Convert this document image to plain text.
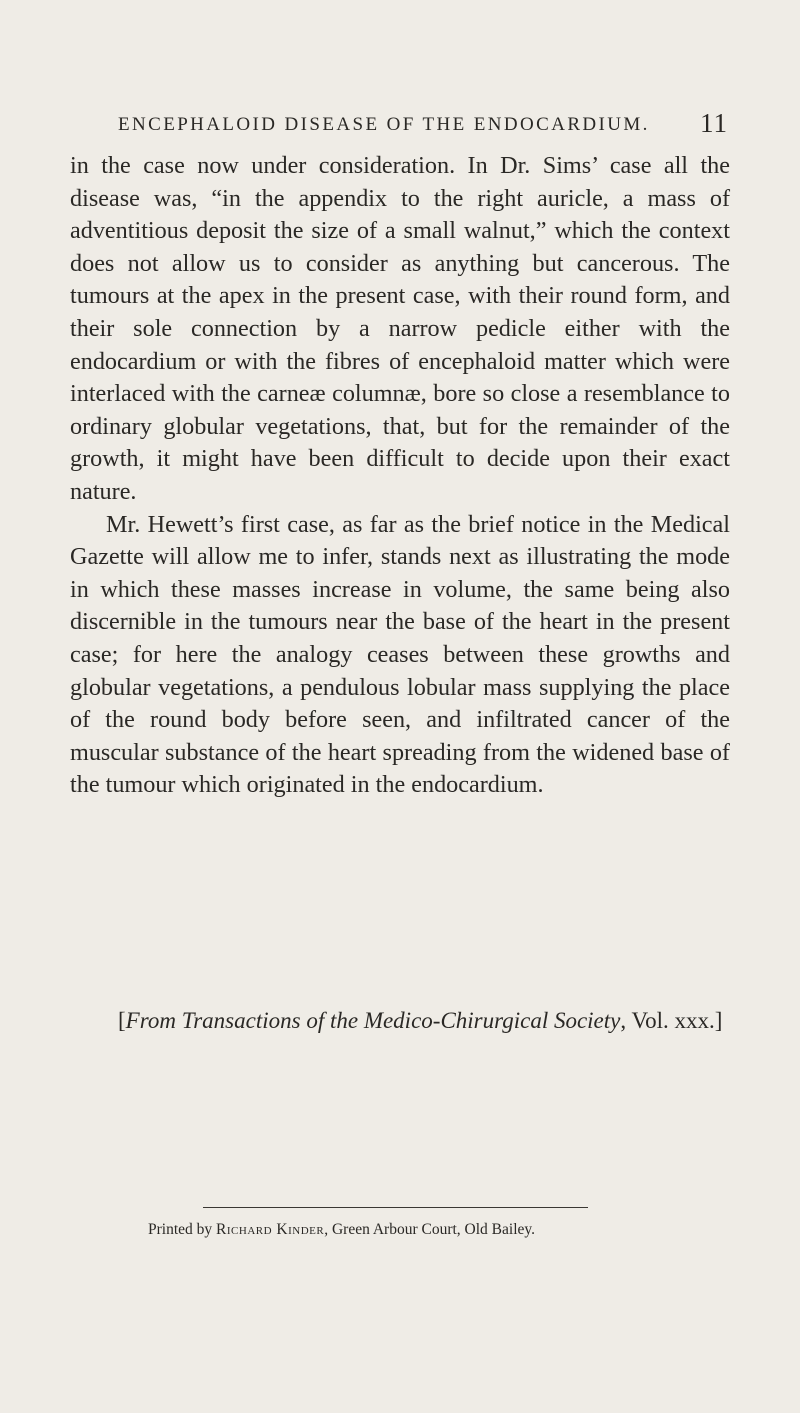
ENCEPHALOID DISEASE OF THE ENDOCARDIUM. 11

in the case now under consideration. In Dr. Sims’ case all the disease was, “in the appendix to the right auricle, a mass of adventitious deposit the size of a small walnut,” which the context does not allow us to consider as anything but cancerous. The tumours at the apex in the present case, with their round form, and their sole connection by a narrow pedicle either with the endocardium or with the fibres of encephaloid matter which were interlaced with the carneæ columnæ, bore so close a resemblance to ordinary globular vegetations, that, but for the remainder of the growth, it might have been difficult to decide upon their exact nature.

Mr. Hewett’s first case, as far as the brief notice in the Medical Gazette will allow me to infer, stands next as illustrating the mode in which these masses increase in volume, the same being also discernible in the tumours near the base of the heart in the present case; for here the analogy ceases between these growths and globular vegetations, a pendulous lobular mass supplying the place of the round body before seen, and infiltrated cancer of the muscular substance of the heart spreading from the widened base of the tumour which originated in the endocardium.

[From Transactions of the Medico-Chirurgical Society, Vol. xxx.]
Printed by Richard Kinder, Green Arbour Court, Old Bailey.
